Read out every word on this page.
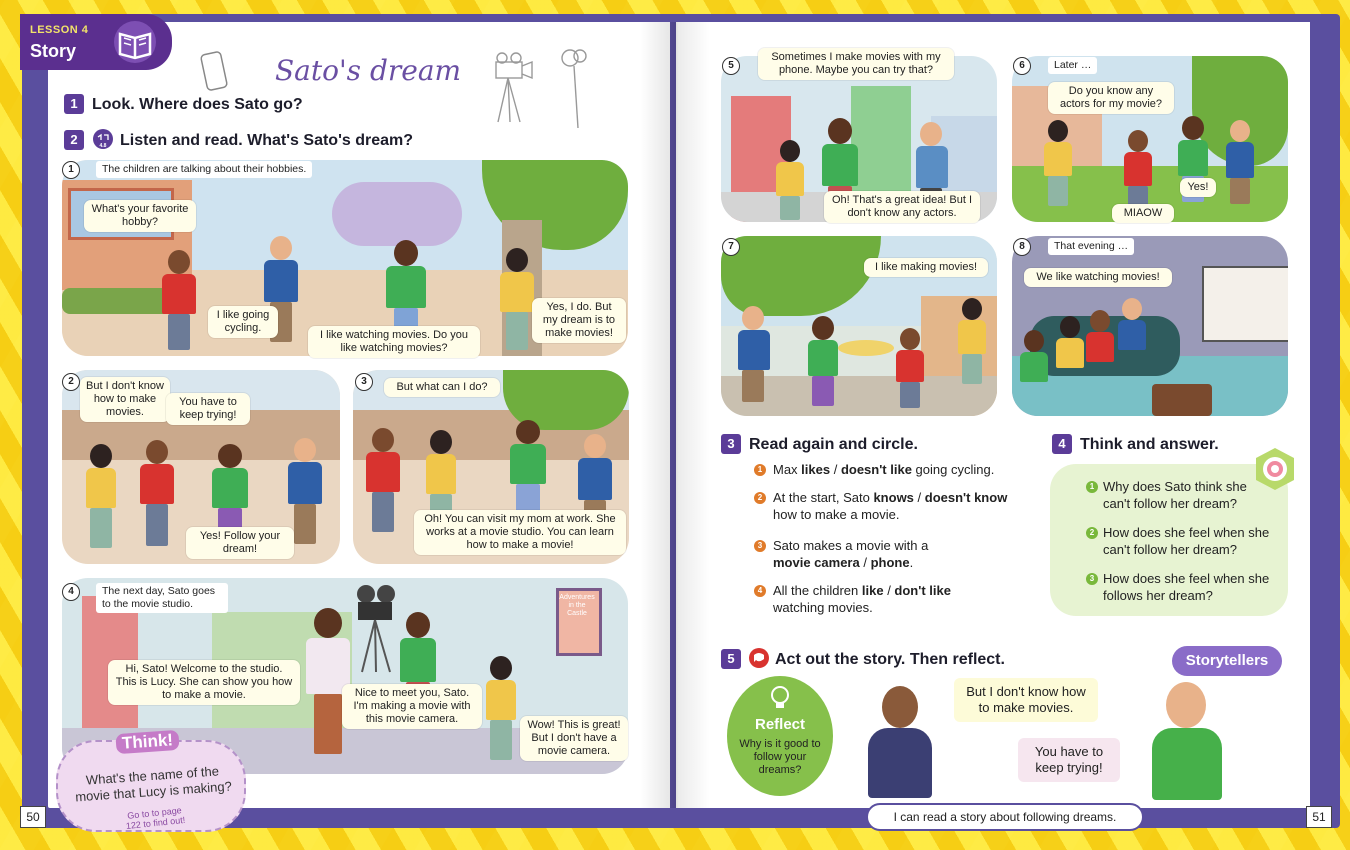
LESSON 4
Story
Sato's dream
1 Look. Where does Sato go?
2	4.8 Listen and read. What's Sato's dream?
1	The children are talking about their hobbies.
What's your favorite hobby?
I like going cycling.
I like watching movies. Do you like watching movies?
Yes, I do. But my dream is to make movies!
2	But I don't know how to make movies.
You have to keep trying!
Yes! Follow your dream!
3	But what can I do?
Oh! You can visit my mom at work. She works at a movie studio. You can learn how to make a movie!
Adventures in the Castle
4	The next day, Sato goes to the movie studio.
Hi, Sato! Welcome to the studio. This is Lucy. She can show you how to make a movie.	Nice to meet you, Sato. I'm making a movie with this movie camera.	Wow! This is great! But I don't have a movie camera.
Think!
What's the name of the movie that Lucy is making?
Go to to page 122 to find out!
5
Sometimes I make movies with my phone. Maybe you can try that?
Oh! That's a great idea! But I don't know any actors.
6	Later …
Do you know any actors for my movie?
Yes!
MIAOW
7
I like making movies!
8	That evening …
We like watching movies!
3 Read again and circle.
1 Max likes / doesn't like going cycling.
2 At the start, Sato knows / doesn't know how to make a movie.
3 Sato makes a movie with a movie camera / phone.
4 All the children like / don't like watching movies.
4 Think and answer.
1 Why does Sato think she can't follow her dream?
2 How does she feel when she can't follow her dream?
3 How does she feel when she follows her dream?
5	Act out the story. Then reflect.	Storytellers
Reflect
Why is it good to follow your dreams?
But I don't know how to make movies.
You have to keep trying!
I can read a story about following dreams.
50	51
